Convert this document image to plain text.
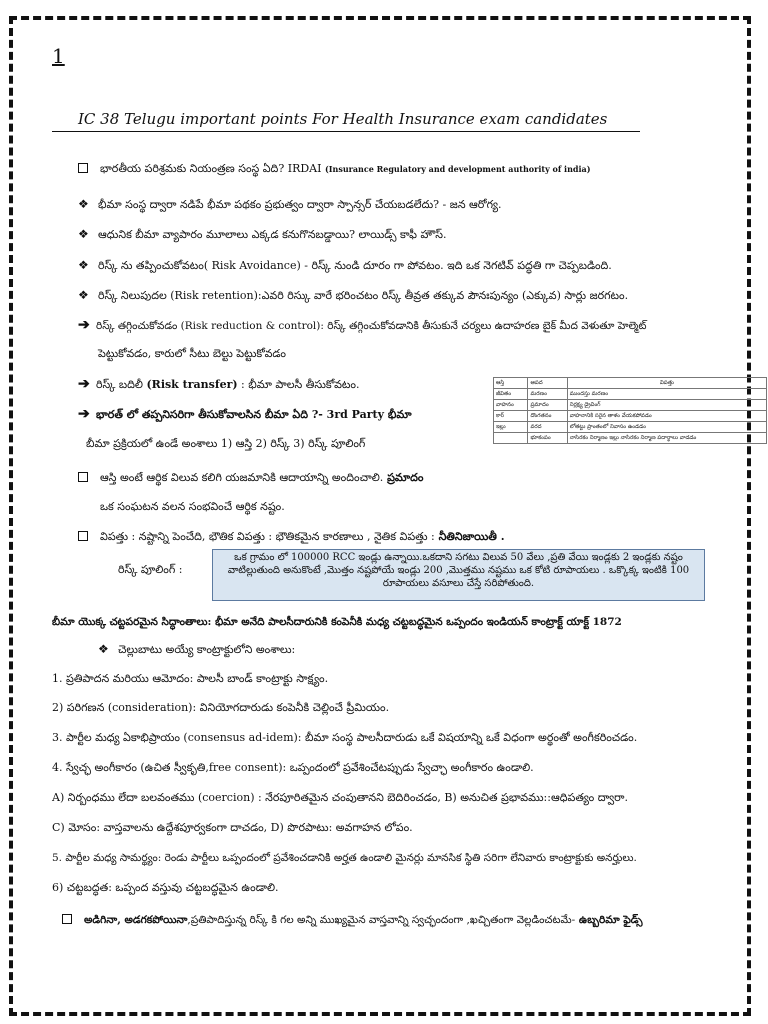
1
IC 38 Telugu important points For Health Insurance exam candidates
భారతీయ పరిశ్రమకు నియంత్రణ సంస్థ ఏది? IRDAI (Insurance Regulatory and development authority of india)
❖ భీమా సంస్థ ద్వారా నడిపే భీమా పథకం ప్రభుత్వం ద్వారా స్పాన్సర్ చేయబడలేదు? - జన ఆరోగ్య.
❖ ఆధునిక బీమా వ్యాపారం మూలాలు ఎక్కడ కనుగొనబడ్డాయి? లాయిడ్స్ కాఫీ హౌస్.
❖ రిస్క్ ను తప్పించుకోవటం( Risk Avoidance) - రిస్క్ నుండి దూరం గా పోవటం. ఇది ఒక నెగటివ్ పద్ధతి గా చెప్పబడింది.
❖ రిస్క్ నిలుపుదల (Risk retention):ఎవరి రిస్కు వారే భరించటం రిస్క్ తీవ్రత తక్కువ పౌనఃపున్యం (ఎక్కువ) సార్లు జరగటం.
➔ రిస్క్ తగ్గించుకోవడం (Risk reduction & control): రిస్క్ తగ్గించుకోవడానికి తీసుకునే చర్యలు ఉదాహరణ బైక్ మీద వెళుతూ హెల్మెట్
పెట్టుకోవడం, కారులో సీటు బెల్టు పెట్టుకోవడం
➔ రిస్క్ బదిలీ (Risk transfer) : భీమా పాలసీ తీసుకోవటం.
➔ భారత్ లో తప్పనిసరిగా తీసుకోవాలసిన బీమా ఏది ?- 3rd Party భీమా
బీమా ప్రక్రియలో ఉండే అంశాలు 1) ఆస్తి 2) రిస్క్ 3) రిస్క్ పూలింగ్
ఆస్తి	ఆపద	విపత్తు
జీవితం	మరణం	ముందస్తు మరణం
వాహనం	ప్రమాదం	నిర్లక్ష్య డ్రైవింగ్
కార్	దొంగతనం	వాహనానికి సరైన తాళం వేయకపోవడం
ఇల్లు	వరద	లోతట్టు ప్రాంతంలో నివాసం ఉండడం
	భూకంపం	నాసిరకం నిర్మాణం ఇల్లు నాసిరకం నిర్మాణ పదార్థాలు వాడడం
ఆస్తి అంటే ఆర్థిక విలువ కలిగి యజమానికి ఆదాయాన్ని అందించాలి. ప్రమాదం
ఒక సంఘటన వలన సంభవించే ఆర్థిక నష్టం.
విపత్తు : నష్టాన్ని పెంచేది, భౌతిక విపత్తు : భౌతికమైన కారణాలు , నైతిక విపత్తు : నీతినిజాయితీ .
రిస్క్ పూలింగ్ :
ఒక గ్రామం లో 100000 RCC ఇండ్లు ఉన్నాయి.ఒకదాని సగటు విలువ 50 వేలు ,ప్రతి వేయి ఇండ్లకు 2 ఇండ్లకు నష్టం వాటిల్లుతుంది అనుకొంటే ,మొత్తం నష్టపోయే ఇండ్లు 200 ,మొత్తము నష్టము ఒక కోటి రూపాయలు . ఒక్కొక్క ఇంటికి 100 రూపాయలు వసూలు చేస్తే సరిపోతుంది.
బీమా యొక్క చట్టపరమైన సిద్ధాంతాలు: భీమా అనేది పాలసీదారునికి కంపెనీకి మధ్య చట్టబద్ధమైన ఒప్పందం ఇండియన్ కాంట్రాక్ట్ యాక్ట్ 1872
❖ చెల్లుబాటు అయ్యే కాంట్రాక్టులోని అంశాలు:
1. ప్రతిపాదన మరియు ఆమోదం: పాలసీ బాండ్ కాంట్రాక్టు సాక్ష్యం.
2) పరిగణన (consideration): వినియోగదారుడు కంపెనీకి చెల్లించే ప్రీమియం.
3. పార్టీల మధ్య ఏకాభిప్రాయం (consensus ad-idem): బీమా సంస్థ పాలసీదారుడు ఒకే విషయాన్ని ఒకే విధంగా అర్థంతో అంగీకరించడం.
4. స్వేచ్ఛ అంగీకారం (ఉచిత స్వీకృతి,free consent): ఒప్పందంలో ప్రవేశించేటప్పుడు స్వేచ్ఛా అంగీకారం ఉండాలి.
A) నిర్బంధము లేదా బలవంతము (coercion) : నేరపూరితమైన చంపుతానని బెదిరించడం, B) అనుచిత ప్రభావము::ఆధిపత్యం ద్వారా.
C) మోసం: వాస్తవాలను ఉద్దేశపూర్వకంగా దాచడం, D) పొరపాటు: అవగాహన లోపం.
5. పార్టీల మధ్య సామర్థ్యం: రెండు పార్టీలు ఒప్పందంలో ప్రవేశించడానికి అర్హత ఉండాలి మైనర్లు మానసిక స్థితి సరిగా లేనివారు కాంట్రాక్టుకు అనర్హులు.
6) చట్టబద్ధత: ఒప్పంద వస్తువు చట్టబద్ధమైన ఉండాలి.
అడిగినా, అడగకపోయినా,ప్రతిపాదిస్తున్న రిస్క్ కి గల అన్ని ముఖ్యమైన వాస్తవాన్ని స్వచ్ఛందంగా ,ఖచ్చితంగా వెల్లడించటమే- ఉబ్బరిమా ఫైడ్స్
